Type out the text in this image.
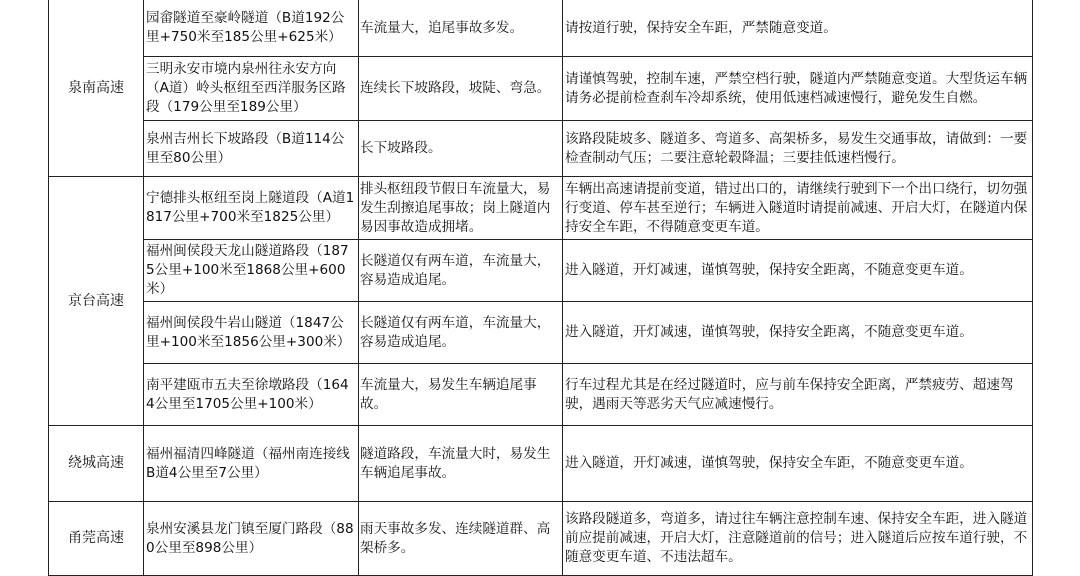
泉南高速	园畲隧道至豪岭隧道（B道192公里+750米至185公里+625米）	车流量大，追尾事故多发。	请按道行驶，保持安全车距，严禁随意变道。
	三明永安市境内泉州往永安方向（A道）岭头枢纽至西洋服务区路段（179公里至189公里）	连续长下坡路段，坡陡、弯急。	请谨慎驾驶，控制车速，严禁空档行驶，隧道内严禁随意变道。大型货运车辆请务必提前检查刹车冷却系统，使用低速档减速慢行，避免发生自燃。
	泉州吉州长下坡路段（B道114公里至80公里）	长下坡路段。	该路段陡坡多、隧道多、弯道多、高架桥多，易发生交通事故，请做到：一要检查制动气压；二要注意轮毂降温；三要挂低速档慢行。
京台高速	宁德排头枢纽至岗上隧道段（A道1817公里+700米至1825公里）	排头枢纽段节假日车流量大，易发生刮擦追尾事故；岗上隧道内易因事故造成拥堵。	车辆出高速请提前变道，错过出口的，请继续行驶到下一个出口绕行，切勿强行变道、停车甚至逆行；车辆进入隧道时请提前减速、开启大灯，在隧道内保持安全车距，不得随意变更车道。
	福州闽侯段天龙山隧道路段（1875公里+100米至1868公里+600米）	长隧道仅有两车道，车流量大，容易造成追尾。	进入隧道，开灯减速，谨慎驾驶，保持安全距离，不随意变更车道。
	福州闽侯段牛岩山隧道（1847公里+100米至1856公里+300米）	长隧道仅有两车道，车流量大，容易造成追尾。	进入隧道，开灯减速，谨慎驾驶，保持安全距离，不随意变更车道。
	南平建瓯市五夫至徐墩路段（1644公里至1705公里+100米）	车流量大，易发生车辆追尾事故。	行车过程尤其是在经过隧道时，应与前车保持安全距离，严禁疲劳、超速驾驶，遇雨天等恶劣天气应减速慢行。
绕城高速	福州福清四峰隧道（福州南连接线B道4公里至7公里）	隧道路段，车流量大时，易发生车辆追尾事故。	进入隧道，开灯减速，谨慎驾驶，保持安全车距，不随意变更车道。
甬莞高速	泉州安溪县龙门镇至厦门路段（880公里至898公里）	雨天事故多发、连续隧道群、高架桥多。	该路段隧道多，弯道多，请过往车辆注意控制车速、保持安全车距，进入隧道前应提前减速，开启大灯，注意隧道前的信号；进入隧道后应按车道行驶，不随意变更车道、不违法超车。
